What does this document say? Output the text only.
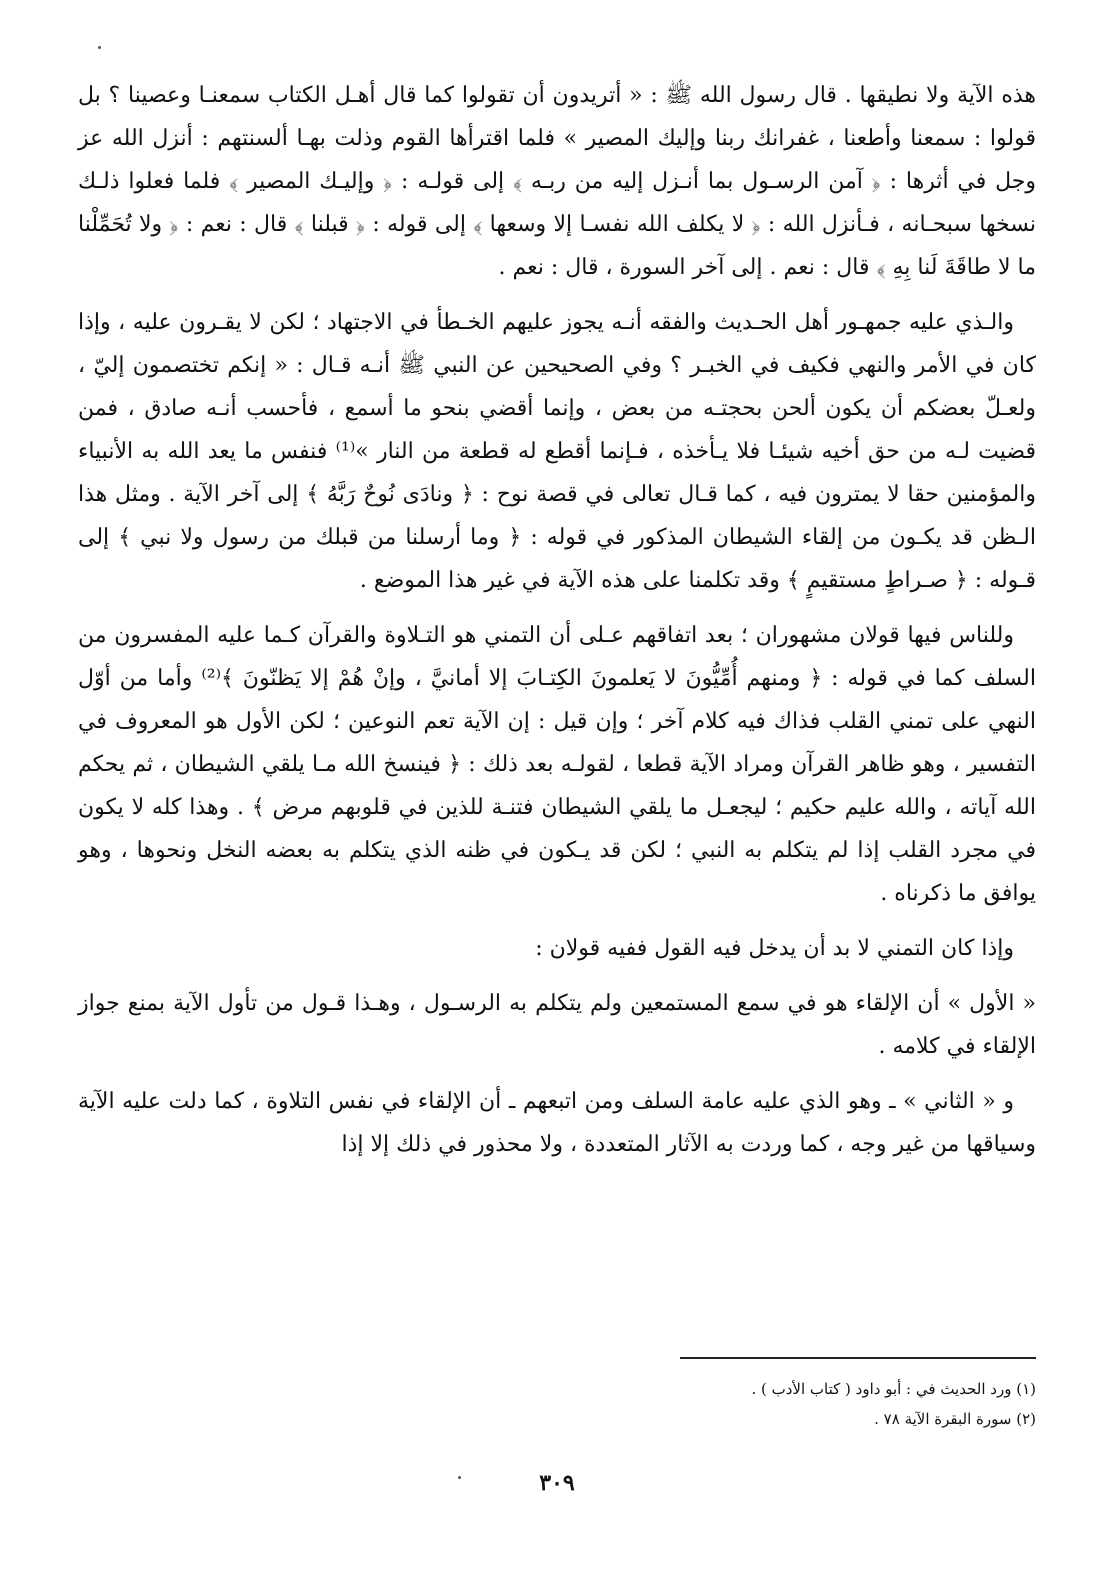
هذه الآية ولا نطيقها . قال رسول الله ﷺ : « أتريدون أن تقولوا كما قال أهـل الكتاب سمعنـا وعصينا ؟ بل قولوا : سمعنا وأطعنا ، غفرانك ربنا وإليك المصير » فلما اقترأها القوم وذلت بهـا ألسنتهم : أنزل الله عز وجل في أثرها : ﴿ آمن الرسـول بما أنـزل إليه من ربـه ﴾ إلى قولـه : ﴿ وإليـك المصير ﴾ فلما فعلوا ذلـك نسخها سبحـانه ، فـأنزل الله : ﴿ لا يكلف الله نفسـا إلا وسعها ﴾ إلى قوله : ﴿ قبلنا ﴾ قال : نعم : ﴿ ولا تُحَمِّلْنا ما لا طاقَةَ لَنا بِهِ ﴾ قال : نعم . إلى آخر السورة ، قال : نعم .

والـذي عليه جمهـور أهل الحـديث والفقه أنـه يجوز عليهم الخـطأ في الاجتهاد ؛ لكن لا يقـرون عليه ، وإذا كان في الأمر والنهي فكيف في الخبـر ؟ وفي الصحيحين عن النبي ﷺ أنـه قـال : « إنكم تختصمون إليّ ، ولعـلّ بعضكم أن يكون ألحن بحجتـه من بعض ، وإنما أقضي بنحو ما أسمع ، فأحسب أنـه صادق ، فمن قضيت لـه من حق أخيه شيئـا فلا يـأخذه ، فـإنما أقطع له قطعة من النار »⁽¹⁾ فنفس ما يعد الله به الأنبياء والمؤمنين حقا لا يمترون فيه ، كما قـال تعالى في قصة نوح : ﴿ ونادَى نُوحٌ رَبَّهُ ﴾ إلى آخر الآية . ومثل هذا الـظن قد يكـون من إلقاء الشيطان المذكور في قوله : ﴿ وما أرسلنا من قبلك من رسول ولا نبي ﴾ إلى قـوله : ﴿ صـراطٍ مستقيمٍ ﴾ وقد تكلمنا على هذه الآية في غير هذا الموضع .

وللناس فيها قولان مشهوران ؛ بعد اتفاقهم عـلى أن التمني هو التـلاوة والقرآن كـما عليه المفسرون من السلف كما في قوله : ﴿ ومنهم أُمِّيُّونَ لا يَعلمونَ الكِتـابَ إلا أمانيَّ ، وإنْ هُمْ إلا يَظنّونَ ﴾⁽²⁾ وأما من أوّل النهي على تمني القلب فذاك فيه كلام آخر ؛ وإن قيل : إن الآية تعم النوعين ؛ لكن الأول هو المعروف في التفسير ، وهو ظاهر القرآن ومراد الآية قطعا ، لقولـه بعد ذلك : ﴿ فينسخ الله مـا يلقي الشيطان ، ثم يحكم الله آياته ، والله عليم حكيم ؛ ليجعـل ما يلقي الشيطان فتنـة للذين في قلوبهم مرض ﴾ . وهذا كله لا يكون في مجرد القلب إذا لم يتكلم به النبي ؛ لكن قد يـكون في ظنه الذي يتكلم به بعضه النخل ونحوها ، وهو يوافق ما ذكرناه .

وإذا كان التمني لا بد أن يدخل فيه القول ففيه قولان :

« الأول » أن الإلقاء هو في سمع المستمعين ولم يتكلم به الرسـول ، وهـذا قـول من تأول الآية بمنع جواز الإلقاء في كلامه .

و « الثاني » ـ وهو الذي عليه عامة السلف ومن اتبعهم ـ أن الإلقاء في نفس التلاوة ، كما دلت عليه الآية وسياقها من غير وجه ، كما وردت به الآثار المتعددة ، ولا محذور في ذلك إلا إذا

(١) ورد الحديث في : أبو داود ( كتاب الأدب ) .

(٢) سورة البقرة الآية ٧٨ .

٣٠٩
